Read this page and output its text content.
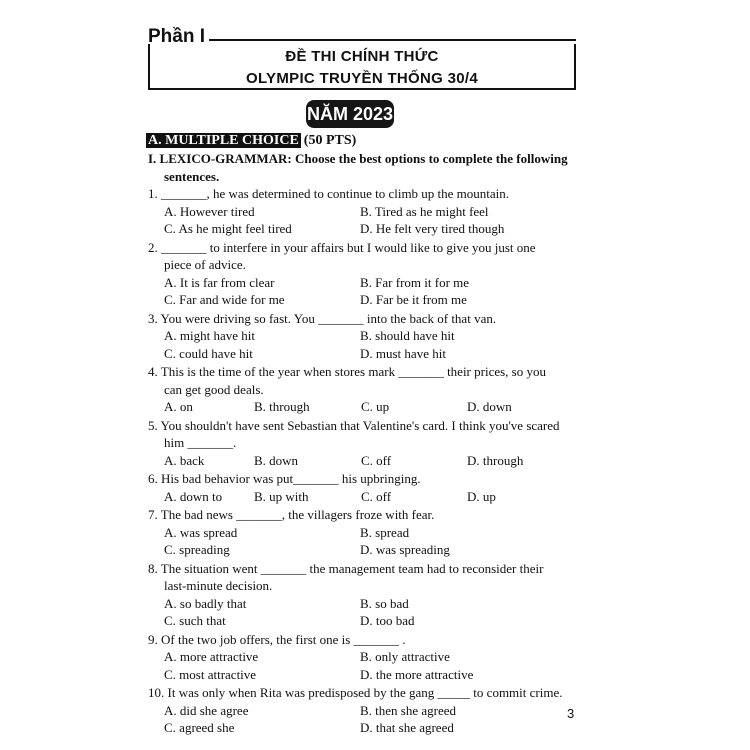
Phần I
ĐỀ THI CHÍNH THỨC
OLYMPIC TRUYỀN THỐNG 30/4
NĂM 2023
A. MULTIPLE CHOICE (50 PTS)
I. LEXICO-GRAMMAR: Choose the best options to complete the following
sentences.
1. _______, he was determined to continue to climb up the mountain.
A. However tired	B. Tired as he might feel
C. As he might feel tired	D. He felt very tired though
2. _______ to interfere in your affairs but I would like to give you just one
piece of advice.
A. It is far from clear	B. Far from it for me
C. Far and wide for me	D. Far be it from me
3. You were driving so fast. You _______ into the back of that van.
A. might have hit	B. should have hit
C. could have hit	D. must have hit
4. This is the time of the year when stores mark _______ their prices, so you
can get good deals.
A. on	B. through	C. up	D. down
5. You shouldn't have sent Sebastian that Valentine's card. I think you've scared
him _______.
A. back	B. down	C. off	D. through
6. His bad behavior was put_______ his upbringing.
A. down to	B. up with	C. off	D. up
7. The bad news _______, the villagers froze with fear.
A. was spread	B. spread
C. spreading	D. was spreading
8. The situation went _______ the management team had to reconsider their
last-minute decision.
A. so badly that	B. so bad
C. such that	D. too bad
9. Of the two job offers, the first one is _______ .
A. more attractive	B. only attractive
C. most attractive	D. the more attractive
10. It was only when Rita was predisposed by the gang _____ to commit crime.
A. did she agree	B. then she agreed
C. agreed she	D. that she agreed
3
